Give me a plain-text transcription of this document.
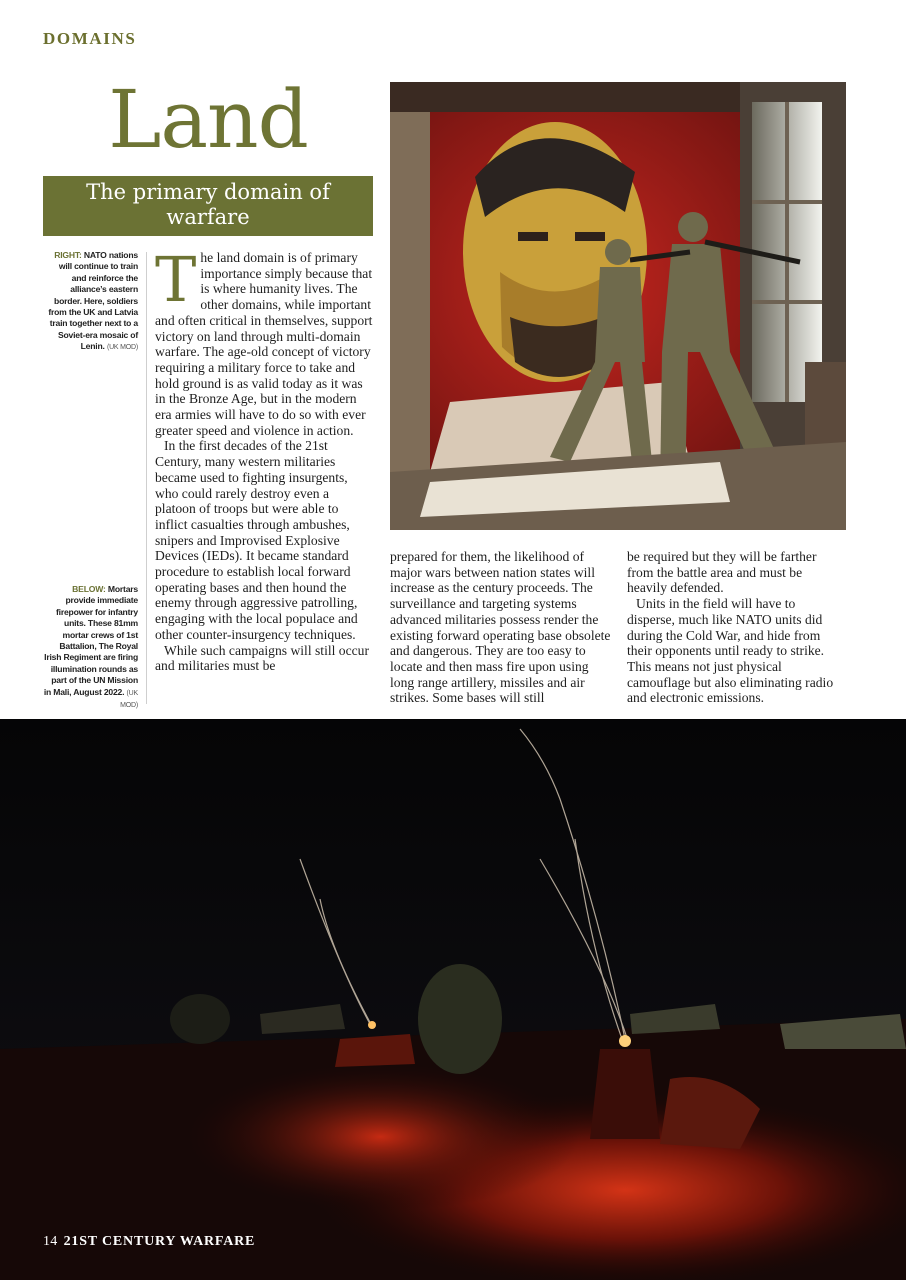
DOMAINS
Land
The primary domain of warfare
RIGHT: NATO nations will continue to train and reinforce the alliance’s eastern border. Here, soldiers from the UK and Latvia train together next to a Soviet-era mosaic of Lenin. (UK MOD)
BELOW: Mortars provide immediate firepower for infantry units. These 81mm mortar crews of 1st Battalion, The Royal Irish Regiment are firing illumination rounds as part of the UN Mission in Mali, August 2022. (UK MOD)

The land domain is of primary importance simply because that is where humanity lives. The other domains, while important and often critical in themselves, support victory on land through multi-domain warfare. The age-old concept of victory requiring a military force to take and hold ground is as valid today as it was in the Bronze Age, but in the modern era armies will have to do so with ever greater speed and violence in action.

In the first decades of the 21st Century, many western militaries became used to fighting insurgents, who could rarely destroy even a platoon of troops but were able to inflict casualties through ambushes, snipers and Improvised Explosive Devices (IEDs). It became standard procedure to establish local forward operating bases and then hound the enemy through aggressive patrolling, engaging with the local populace and other counter-insurgency techniques.

While such campaigns will still occur and militaries must be

prepared for them, the likelihood of major wars between nation states will increase as the century proceeds. The surveillance and targeting systems advanced militaries possess render the existing forward operating base obsolete and dangerous. They are too easy to locate and then mass fire upon using long range artillery, missiles and air strikes. Some bases will still

be required but they will be farther from the battle area and must be heavily defended.

Units in the field will have to disperse, much like NATO units did during the Cold War, and hide from their opponents until ready to strike. This means not just physical camouflage but also eliminating radio and electronic emissions.

14 21ST CENTURY WARFARE
